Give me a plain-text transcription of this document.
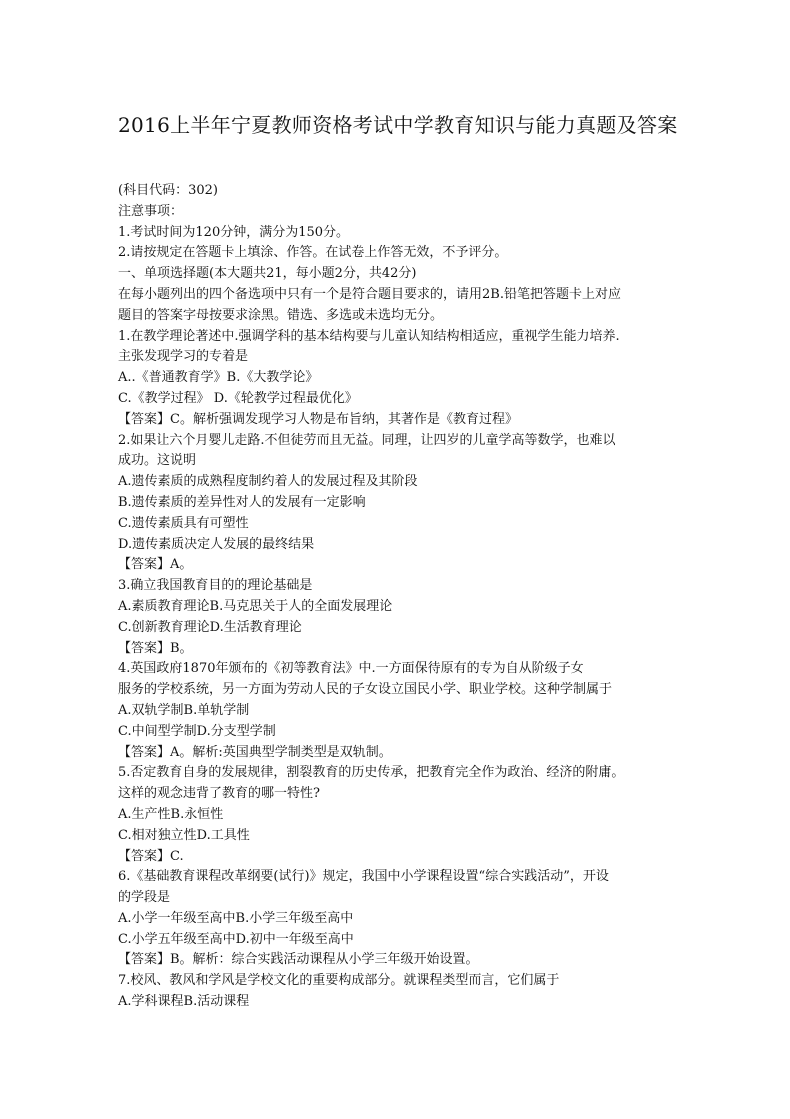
2016上半年宁夏教师资格考试中学教育知识与能力真题及答案
(科目代码：302)
注意事项：
1.考试时间为120分钟，满分为150分。
2.请按规定在答题卡上填涂、作答。在试卷上作答无效，不予评分。
一、单项选择题(本大题共21，每小题2分，共42分)
在每小题列出的四个备选项中只有一个是符合题目要求的，请用2B.铅笔把答题卡上对应
题目的答案字母按要求涂黑。错选、多选或未选均无分。
1.在教学理论著述中.强调学科的基本结构要与儿童认知结构相适应，重视学生能力培养.
主张发现学习的专着是
A..《普通教育学》B.《大教学论》
C.《教学过程》 D.《轮教学过程最优化》
【答案】C。解析强调发现学习人物是布旨纳，其著作是《教育过程》
2.如果让六个月婴儿走路.不但徒劳而且无益。同理，让四岁的儿童学高等数学，也难以
成功。这说明
A.遗传素质的成熟程度制约着人的发展过程及其阶段
B.遗传素质的差异性对人的发展有一定影响
C.遗传素质具有可塑性
D.遗传素质决定人发展的最终结果
【答案】A。
3.确立我国教育目的的理论基础是
A.素质教育理论B.马克思关于人的全面发展理论
C.创新教育理论D.生活教育理论
【答案】B。
4.英国政府1870年颁布的《初等教育法》中.一方面保待原有的专为自从阶级子女
服务的学校系统，另一方面为劳动人民的子女设立国民小学、职业学校。这种学制属于
A.双轨学制B.单轨学制
C.中间型学制D.分支型学制
【答案】A。解析:英国典型学制类型是双轨制。
5.否定教育自身的发展规律，割裂教育的历史传承，把教育完全作为政治、经济的附庸。
这样的观念违背了教育的哪一特性?
A.生产性B.永恒性
C.相对独立性D.工具性
【答案】C.
6.《基础教育课程改革纲要(试行)》规定，我国中小学课程设置“综合实践活动”，开设
的学段是
A.小学一年级至高中B.小学三年级至高中
C.小学五年级至高中D.初中一年级至高中
【答案】B。解析：综合实践活动课程从小学三年级开始设置。
7.校风、教风和学风是学校文化的重要构成部分。就课程类型而言，它们属于
A.学科课程B.活动课程
